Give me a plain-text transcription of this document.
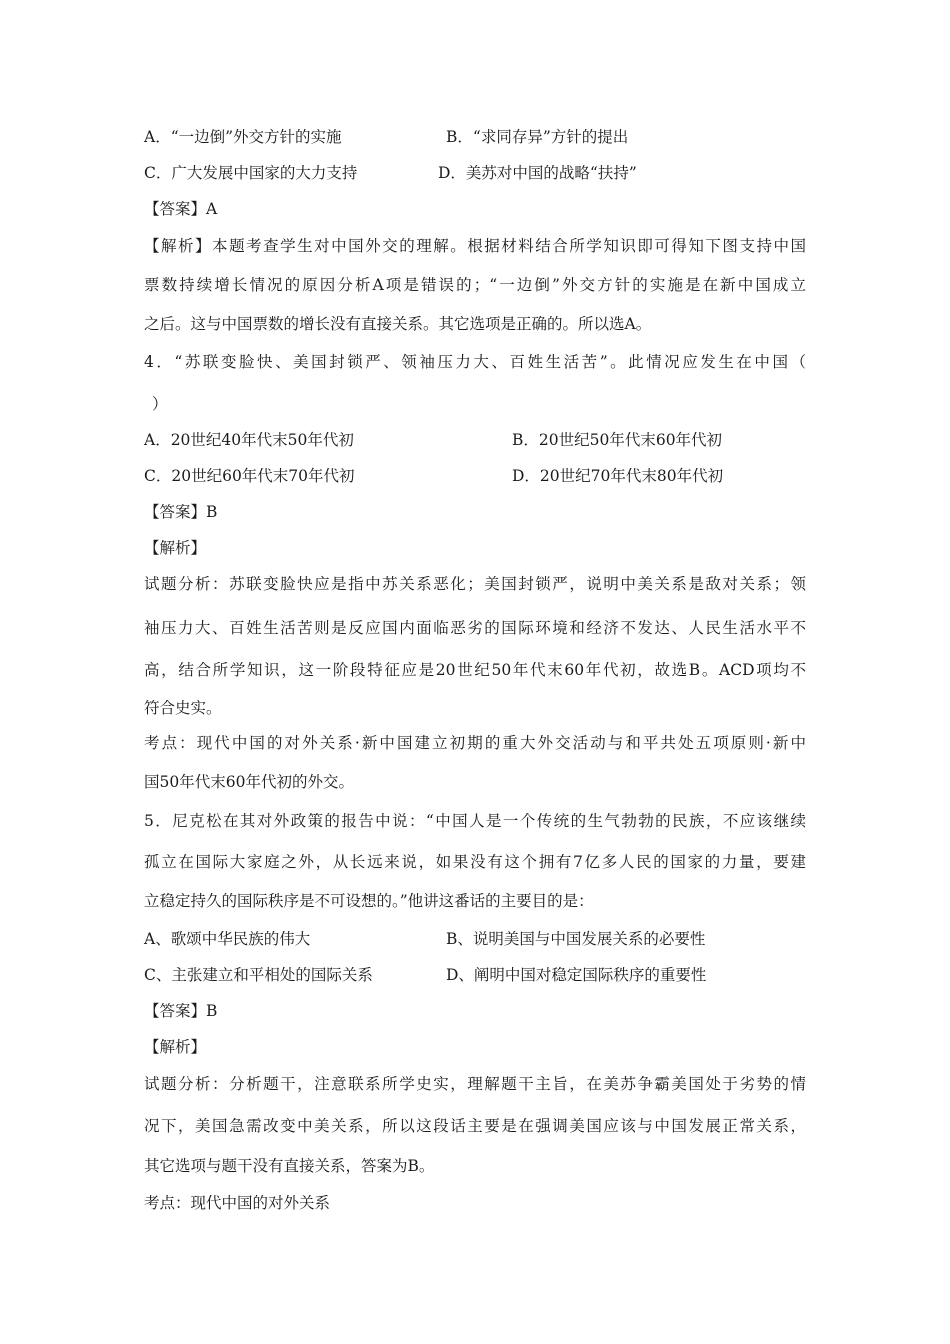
A．“一边倒”外交方针的实施	B．“求同存异”方针的提出
C．广大发展中国家的大力支持	D．美苏对中国的战略“扶持”
【答案】A
【解析】本题考查学生对中国外交的理解。根据材料结合所学知识即可得知下图支持中国
票数持续增长情况的原因分析A项是错误的；“一边倒”外交方针的实施是在新中国成立
之后。这与中国票数的增长没有直接关系。其它选项是正确的。所以选A。
4．“苏联变脸快、美国封锁严、领袖压力大、百姓生活苦”。此情况应发生在中国（
）
A．20世纪40年代末50年代初	B．20世纪50年代末60年代初
C．20世纪60年代末70年代初	D．20世纪70年代末80年代初
【答案】B
【解析】
试题分析：苏联变脸快应是指中苏关系恶化；美国封锁严，说明中美关系是敌对关系；领
袖压力大、百姓生活苦则是反应国内面临恶劣的国际环境和经济不发达、人民生活水平不
高，结合所学知识，这一阶段特征应是20世纪50年代末60年代初，故选B。ACD项均不
符合史实。
考点：现代中国的对外关系·新中国建立初期的重大外交活动与和平共处五项原则·新中
国50年代末60年代初的外交。
5．尼克松在其对外政策的报告中说：“中国人是一个传统的生气勃勃的民族，不应该继续
孤立在国际大家庭之外，从长远来说，如果没有这个拥有7亿多人民的国家的力量，要建
立稳定持久的国际秩序是不可设想的。”他讲这番话的主要目的是：
A、歌颂中华民族的伟大	B、说明美国与中国发展关系的必要性
C、主张建立和平相处的国际关系	D、阐明中国对稳定国际秩序的重要性
【答案】B
【解析】
试题分析：分析题干，注意联系所学史实，理解题干主旨，在美苏争霸美国处于劣势的情
况下，美国急需改变中美关系，所以这段话主要是在强调美国应该与中国发展正常关系，
其它选项与题干没有直接关系，答案为B。
考点：现代中国的对外关系
